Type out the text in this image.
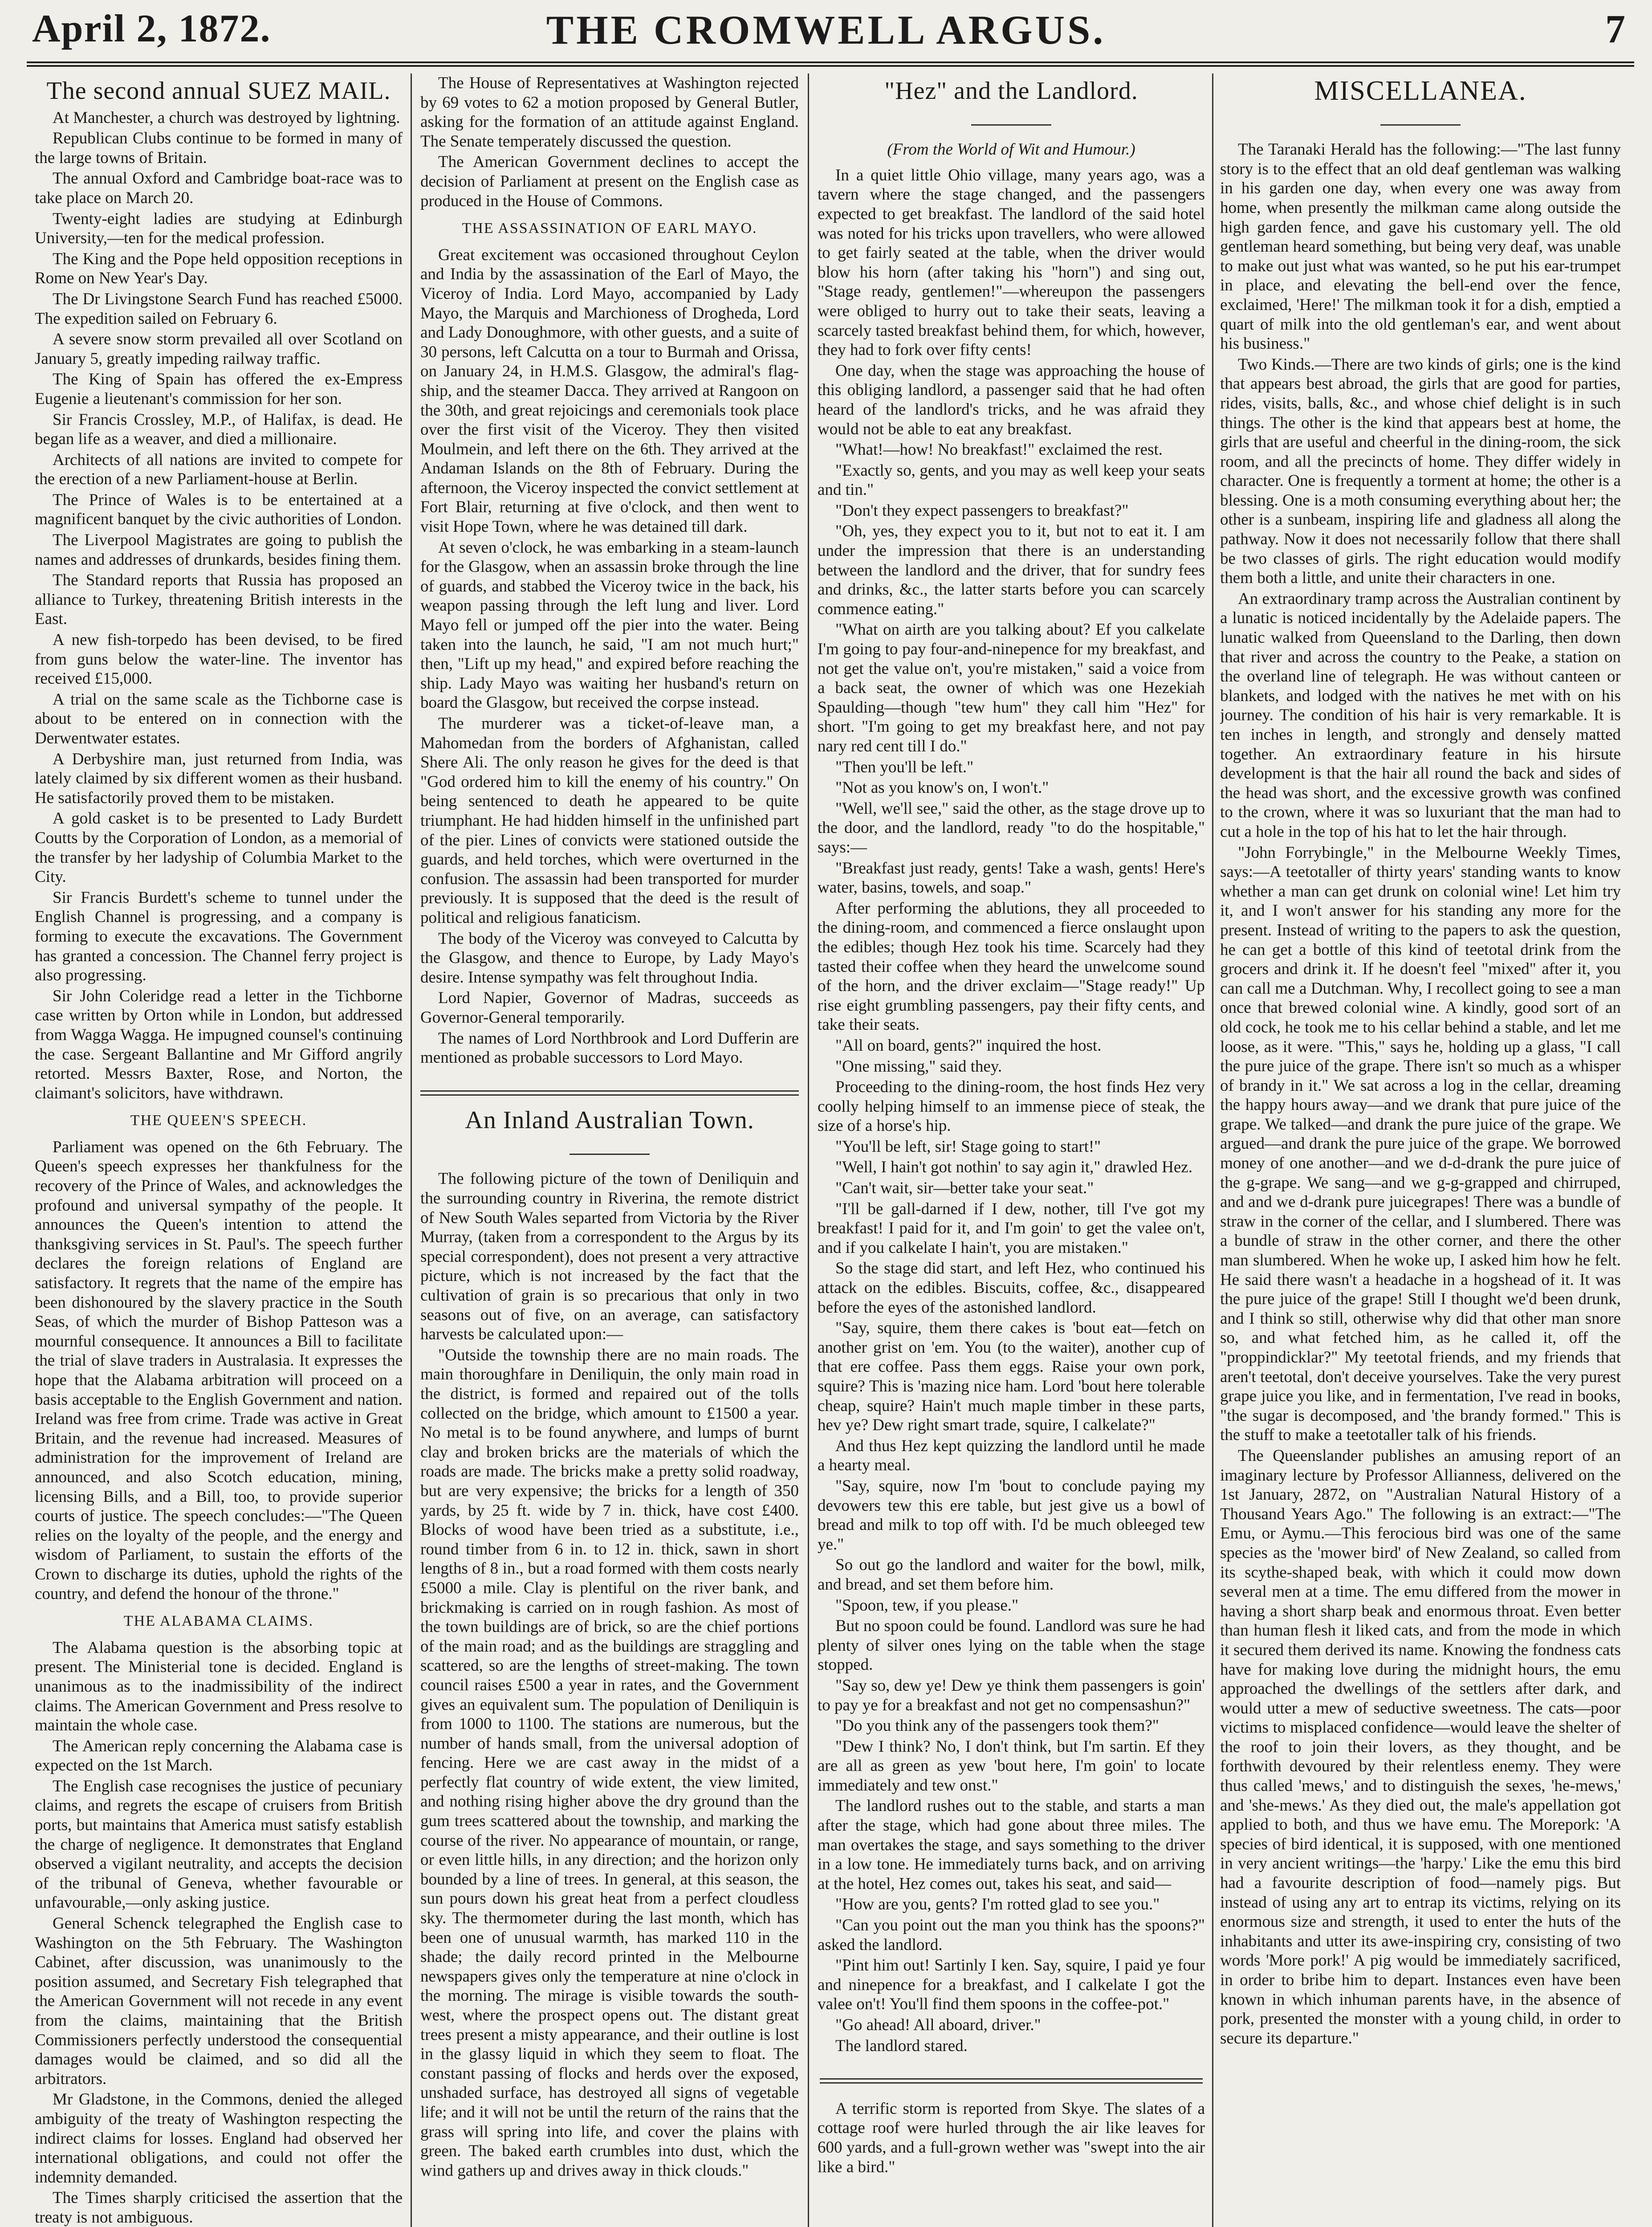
April 2, 1872.	THE CROMWELL ARGUS.	7
The second annual SUEZ MAIL.

At Manchester, a church was destroyed by lightning.

Republican Clubs continue to be formed in many of the large towns of Britain.

The annual Oxford and Cambridge boat-race was to take place on March 20.

Twenty-eight ladies are studying at Edinburgh University,—ten for the medical profession.

The King and the Pope held opposition receptions in Rome on New Year's Day.

The Dr Livingstone Search Fund has reached £5000. The expedition sailed on February 6.

A severe snow storm prevailed all over Scotland on January 5, greatly impeding railway traffic.

The King of Spain has offered the ex-Empress Eugenie a lieutenant's commission for her son.

Sir Francis Crossley, M.P., of Halifax, is dead. He began life as a weaver, and died a millionaire.

Architects of all nations are invited to compete for the erection of a new Parliament-house at Berlin.

The Prince of Wales is to be entertained at a magnificent banquet by the civic authorities of London.

The Liverpool Magistrates are going to publish the names and addresses of drunkards, besides fining them.

The Standard reports that Russia has proposed an alliance to Turkey, threatening British interests in the East.

A new fish-torpedo has been devised, to be fired from guns below the water-line. The inventor has received £15,000.

A trial on the same scale as the Tichborne case is about to be entered on in connection with the Derwentwater estates.

A Derbyshire man, just returned from India, was lately claimed by six different women as their husband. He satisfactorily proved them to be mistaken.

A gold casket is to be presented to Lady Burdett Coutts by the Corporation of London, as a memorial of the transfer by her ladyship of Columbia Market to the City.

Sir Francis Burdett's scheme to tunnel under the English Channel is progressing, and a company is forming to execute the excavations. The Government has granted a concession. The Channel ferry project is also progressing.

Sir John Coleridge read a letter in the Tichborne case written by Orton while in London, but addressed from Wagga Wagga. He impugned counsel's continuing the case. Sergeant Ballantine and Mr Gifford angrily retorted. Messrs Baxter, Rose, and Norton, the claimant's solicitors, have withdrawn.

THE QUEEN'S SPEECH.

Parliament was opened on the 6th February. The Queen's speech expresses her thankfulness for the recovery of the Prince of Wales, and acknowledges the profound and universal sympathy of the people. It announces the Queen's intention to attend the thanksgiving services in St. Paul's. The speech further declares the foreign relations of England are satisfactory. It regrets that the name of the empire has been dishonoured by the slavery practice in the South Seas, of which the murder of Bishop Patteson was a mournful consequence. It announces a Bill to facilitate the trial of slave traders in Australasia. It expresses the hope that the Alabama arbitration will proceed on a basis acceptable to the English Government and nation. Ireland was free from crime. Trade was active in Great Britain, and the revenue had increased. Measures of administration for the improvement of Ireland are announced, and also Scotch education, mining, licensing Bills, and a Bill, too, to provide superior courts of justice. The speech concludes:—"The Queen relies on the loyalty of the people, and the energy and wisdom of Parliament, to sustain the efforts of the Crown to discharge its duties, uphold the rights of the country, and defend the honour of the throne."

THE ALABAMA CLAIMS.

The Alabama question is the absorbing topic at present. The Ministerial tone is decided. England is unanimous as to the inadmissibility of the indirect claims. The American Government and Press resolve to maintain the whole case.

The American reply concerning the Alabama case is expected on the 1st March.

The English case recognises the justice of pecuniary claims, and regrets the escape of cruisers from British ports, but maintains that America must satisfy establish the charge of negligence. It demonstrates that England observed a vigilant neutrality, and accepts the decision of the tribunal of Geneva, whether favourable or unfavourable,—only asking justice.

General Schenck telegraphed the English case to Washington on the 5th February. The Washington Cabinet, after discussion, was unanimously to the position assumed, and Secretary Fish telegraphed that the American Government will not recede in any event from the claims, maintaining that the British Commissioners perfectly understood the consequential damages would be claimed, and so did all the arbitrators.

Mr Gladstone, in the Commons, denied the alleged ambiguity of the treaty of Washington respecting the indirect claims for losses. England had observed her international obligations, and could not offer the indemnity demanded.

The Times sharply criticised the assertion that the treaty is not ambiguous.

The House of Representatives at Washington rejected by 69 votes to 62 a motion proposed by General Butler, asking for the formation of an attitude against England. The Senate temperately discussed the question.

The American Government declines to accept the decision of Parliament at present on the English case as produced in the House of Commons.

THE ASSASSINATION OF EARL MAYO.

Great excitement was occasioned throughout Ceylon and India by the assassination of the Earl of Mayo, the Viceroy of India. Lord Mayo, accompanied by Lady Mayo, the Marquis and Marchioness of Drogheda, Lord and Lady Donoughmore, with other guests, and a suite of 30 persons, left Calcutta on a tour to Burmah and Orissa, on January 24, in H.M.S. Glasgow, the admiral's flag-ship, and the steamer Dacca. They arrived at Rangoon on the 30th, and great rejoicings and ceremonials took place over the first visit of the Viceroy. They then visited Moulmein, and left there on the 6th. They arrived at the Andaman Islands on the 8th of February. During the afternoon, the Viceroy inspected the convict settlement at Fort Blair, returning at five o'clock, and then went to visit Hope Town, where he was detained till dark.

At seven o'clock, he was embarking in a steam-launch for the Glasgow, when an assassin broke through the line of guards, and stabbed the Viceroy twice in the back, his weapon passing through the left lung and liver. Lord Mayo fell or jumped off the pier into the water. Being taken into the launch, he said, "I am not much hurt;" then, "Lift up my head," and expired before reaching the ship. Lady Mayo was waiting her husband's return on board the Glasgow, but received the corpse instead.

The murderer was a ticket-of-leave man, a Mahomedan from the borders of Afghanistan, called Shere Ali. The only reason he gives for the deed is that "God ordered him to kill the enemy of his country." On being sentenced to death he appeared to be quite triumphant. He had hidden himself in the unfinished part of the pier. Lines of convicts were stationed outside the guards, and held torches, which were overturned in the confusion. The assassin had been transported for murder previously. It is supposed that the deed is the result of political and religious fanaticism.

The body of the Viceroy was conveyed to Calcutta by the Glasgow, and thence to Europe, by Lady Mayo's desire. Intense sympathy was felt throughout India.

Lord Napier, Governor of Madras, succeeds as Governor-General temporarily.

The names of Lord Northbrook and Lord Dufferin are mentioned as probable successors to Lord Mayo.

An Inland Australian Town.

The following picture of the town of Deniliquin and the surrounding country in Riverina, the remote district of New South Wales separted from Victoria by the River Murray, (taken from a correspondent to the Argus by its special correspondent), does not present a very attractive picture, which is not increased by the fact that the cultivation of grain is so precarious that only in two seasons out of five, on an average, can satisfactory harvests be calculated upon:—

"Outside the township there are no main roads. The main thoroughfare in Deniliquin, the only main road in the district, is formed and repaired out of the tolls collected on the bridge, which amount to £1500 a year. No metal is to be found anywhere, and lumps of burnt clay and broken bricks are the materials of which the roads are made. The bricks make a pretty solid roadway, but are very expensive; the bricks for a length of 350 yards, by 25 ft. wide by 7 in. thick, have cost £400. Blocks of wood have been tried as a substitute, i.e., round timber from 6 in. to 12 in. thick, sawn in short lengths of 8 in., but a road formed with them costs nearly £5000 a mile. Clay is plentiful on the river bank, and brickmaking is carried on in rough fashion. As most of the town buildings are of brick, so are the chief portions of the main road; and as the buildings are straggling and scattered, so are the lengths of street-making. The town council raises £500 a year in rates, and the Government gives an equivalent sum. The population of Deniliquin is from 1000 to 1100. The stations are numerous, but the number of hands small, from the universal adoption of fencing. Here we are cast away in the midst of a perfectly flat country of wide extent, the view limited, and nothing rising higher above the dry ground than the gum trees scattered about the township, and marking the course of the river. No appearance of mountain, or range, or even little hills, in any direction; and the horizon only bounded by a line of trees. In general, at this season, the sun pours down his great heat from a perfect cloudless sky. The thermometer during the last month, which has been one of unusual warmth, has marked 110 in the shade; the daily record printed in the Melbourne newspapers gives only the temperature at nine o'clock in the morning. The mirage is visible towards the south-west, where the prospect opens out. The distant great trees present a misty appearance, and their outline is lost in the glassy liquid in which they seem to float. The constant passing of flocks and herds over the exposed, unshaded surface, has destroyed all signs of vegetable life; and it will not be until the return of the rains that the grass will spring into life, and cover the plains with green. The baked earth crumbles into dust, which the wind gathers up and drives away in thick clouds."

"Hez" and the Landlord.
(From the World of Wit and Humour.)

In a quiet little Ohio village, many years ago, was a tavern where the stage changed, and the passengers expected to get breakfast. The landlord of the said hotel was noted for his tricks upon travellers, who were allowed to get fairly seated at the table, when the driver would blow his horn (after taking his "horn") and sing out, "Stage ready, gentlemen!"—whereupon the passengers were obliged to hurry out to take their seats, leaving a scarcely tasted breakfast behind them, for which, however, they had to fork over fifty cents!

One day, when the stage was approaching the house of this obliging landlord, a passenger said that he had often heard of the landlord's tricks, and he was afraid they would not be able to eat any breakfast.

"What!—how! No breakfast!" exclaimed the rest.

"Exactly so, gents, and you may as well keep your seats and tin."

"Don't they expect passengers to breakfast?"

"Oh, yes, they expect you to it, but not to eat it. I am under the impression that there is an understanding between the landlord and the driver, that for sundry fees and drinks, &c., the latter starts before you can scarcely commence eating."

"What on airth are you talking about? Ef you calkelate I'm going to pay four-and-ninepence for my breakfast, and not get the value on't, you're mistaken," said a voice from a back seat, the owner of which was one Hezekiah Spaulding—though "tew hum" they call him "Hez" for short. "I'm going to get my breakfast here, and not pay nary red cent till I do."

"Then you'll be left."

"Not as you know's on, I won't."

"Well, we'll see," said the other, as the stage drove up to the door, and the landlord, ready "to do the hospitable," says:—

"Breakfast just ready, gents! Take a wash, gents! Here's water, basins, towels, and soap."

After performing the ablutions, they all proceeded to the dining-room, and commenced a fierce onslaught upon the edibles; though Hez took his time. Scarcely had they tasted their coffee when they heard the unwelcome sound of the horn, and the driver exclaim—"Stage ready!" Up rise eight grumbling passengers, pay their fifty cents, and take their seats.

"All on board, gents?" inquired the host.

"One missing," said they.

Proceeding to the dining-room, the host finds Hez very coolly helping himself to an immense piece of steak, the size of a horse's hip.

"You'll be left, sir! Stage going to start!"

"Well, I hain't got nothin' to say agin it," drawled Hez.

"Can't wait, sir—better take your seat."

"I'll be gall-darned if I dew, nother, till I've got my breakfast! I paid for it, and I'm goin' to get the valee on't, and if you calkelate I hain't, you are mistaken."

So the stage did start, and left Hez, who continued his attack on the edibles. Biscuits, coffee, &c., disappeared before the eyes of the astonished landlord.

"Say, squire, them there cakes is 'bout eat—fetch on another grist on 'em. You (to the waiter), another cup of that ere coffee. Pass them eggs. Raise your own pork, squire? This is 'mazing nice ham. Lord 'bout here tolerable cheap, squire? Hain't much maple timber in these parts, hev ye? Dew right smart trade, squire, I calkelate?"

And thus Hez kept quizzing the landlord until he made a hearty meal.

"Say, squire, now I'm 'bout to conclude paying my devowers tew this ere table, but jest give us a bowl of bread and milk to top off with. I'd be much obleeged tew ye."

So out go the landlord and waiter for the bowl, milk, and bread, and set them before him.

"Spoon, tew, if you please."

But no spoon could be found. Landlord was sure he had plenty of silver ones lying on the table when the stage stopped.

"Say so, dew ye! Dew ye think them passengers is goin' to pay ye for a breakfast and not get no compensashun?"

"Do you think any of the passengers took them?"

"Dew I think? No, I don't think, but I'm sartin. Ef they are all as green as yew 'bout here, I'm goin' to locate immediately and tew onst."

The landlord rushes out to the stable, and starts a man after the stage, which had gone about three miles. The man overtakes the stage, and says something to the driver in a low tone. He immediately turns back, and on arriving at the hotel, Hez comes out, takes his seat, and said—

"How are you, gents? I'm rotted glad to see you."

"Can you point out the man you think has the spoons?" asked the landlord.

"Pint him out! Sartinly I ken. Say, squire, I paid ye four and ninepence for a breakfast, and I calkelate I got the valee on't! You'll find them spoons in the coffee-pot."

"Go ahead! All aboard, driver."

The landlord stared.

A terrific storm is reported from Skye. The slates of a cottage roof were hurled through the air like leaves for 600 yards, and a full-grown wether was "swept into the air like a bird."

MISCELLANEA.

The Taranaki Herald has the following:—"The last funny story is to the effect that an old deaf gentleman was walking in his garden one day, when every one was away from home, when presently the milkman came along outside the high garden fence, and gave his customary yell. The old gentleman heard something, but being very deaf, was unable to make out just what was wanted, so he put his ear-trumpet in place, and elevating the bell-end over the fence, exclaimed, 'Here!' The milkman took it for a dish, emptied a quart of milk into the old gentleman's ear, and went about his business."

Two Kinds.—There are two kinds of girls; one is the kind that appears best abroad, the girls that are good for parties, rides, visits, balls, &c., and whose chief delight is in such things. The other is the kind that appears best at home, the girls that are useful and cheerful in the dining-room, the sick room, and all the precincts of home. They differ widely in character. One is frequently a torment at home; the other is a blessing. One is a moth consuming everything about her; the other is a sunbeam, inspiring life and gladness all along the pathway. Now it does not necessarily follow that there shall be two classes of girls. The right education would modify them both a little, and unite their characters in one.

An extraordinary tramp across the Australian continent by a lunatic is noticed incidentally by the Adelaide papers. The lunatic walked from Queensland to the Darling, then down that river and across the country to the Peake, a station on the overland line of telegraph. He was without canteen or blankets, and lodged with the natives he met with on his journey. The condition of his hair is very remarkable. It is ten inches in length, and strongly and densely matted together. An extraordinary feature in his hirsute development is that the hair all round the back and sides of the head was short, and the excessive growth was confined to the crown, where it was so luxuriant that the man had to cut a hole in the top of his hat to let the hair through.

"John Forrybingle," in the Melbourne Weekly Times, says:—A teetotaller of thirty years' standing wants to know whether a man can get drunk on colonial wine! Let him try it, and I won't answer for his standing any more for the present. Instead of writing to the papers to ask the question, he can get a bottle of this kind of teetotal drink from the grocers and drink it. If he doesn't feel "mixed" after it, you can call me a Dutchman. Why, I recollect going to see a man once that brewed colonial wine. A kindly, good sort of an old cock, he took me to his cellar behind a stable, and let me loose, as it were. "This," says he, holding up a glass, "I call the pure juice of the grape. There isn't so much as a whisper of brandy in it." We sat across a log in the cellar, dreaming the happy hours away—and we drank that pure juice of the grape. We talked—and drank the pure juice of the grape. We argued—and drank the pure juice of the grape. We borrowed money of one another—and we d-d-drank the pure juice of the g-grape. We sang—and we g-g-grapped and chirruped, and and we d-drank pure juicegrapes! There was a bundle of straw in the corner of the cellar, and I slumbered. There was a bundle of straw in the other corner, and there the other man slumbered. When he woke up, I asked him how he felt. He said there wasn't a headache in a hogshead of it. It was the pure juice of the grape! Still I thought we'd been drunk, and I think so still, otherwise why did that other man snore so, and what fetched him, as he called it, off the "proppindicklar?" My teetotal friends, and my friends that aren't teetotal, don't deceive yourselves. Take the very purest grape juice you like, and in fermentation, I've read in books, "the sugar is decomposed, and 'the brandy formed." This is the stuff to make a teetotaller talk of his friends.

The Queenslander publishes an amusing report of an imaginary lecture by Professor Allianness, delivered on the 1st January, 2872, on "Australian Natural History of a Thousand Years Ago." The following is an extract:—"The Emu, or Aymu.—This ferocious bird was one of the same species as the 'mower bird' of New Zealand, so called from its scythe-shaped beak, with which it could mow down several men at a time. The emu differed from the mower in having a short sharp beak and enormous throat. Even better than human flesh it liked cats, and from the mode in which it secured them derived its name. Knowing the fondness cats have for making love during the midnight hours, the emu approached the dwellings of the settlers after dark, and would utter a mew of seductive sweetness. The cats—poor victims to misplaced confidence—would leave the shelter of the roof to join their lovers, as they thought, and be forthwith devoured by their relentless enemy. They were thus called 'mews,' and to distinguish the sexes, 'he-mews,' and 'she-mews.' As they died out, the male's appellation got applied to both, and thus we have emu. The Morepork: 'A species of bird identical, it is supposed, with one mentioned in very ancient writings—the 'harpy.' Like the emu this bird had a favourite description of food—namely pigs. But instead of using any art to entrap its victims, relying on its enormous size and strength, it used to enter the huts of the inhabitants and utter its awe-inspiring cry, consisting of two words 'More pork!' A pig would be immediately sacrificed, in order to bribe him to depart. Instances even have been known in which inhuman parents have, in the absence of pork, presented the monster with a young child, in order to secure its departure."
